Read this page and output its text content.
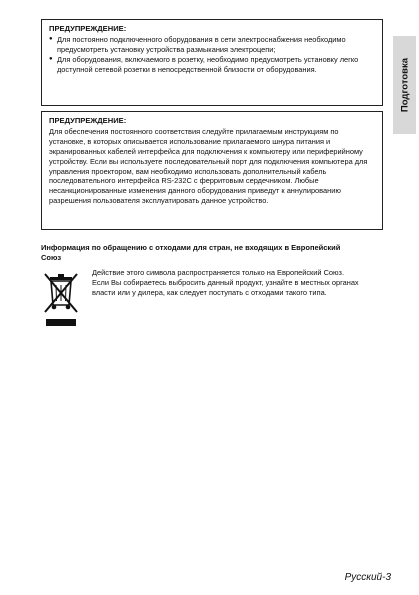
ПРЕДУПРЕЖДЕНИЕ:
● Для постоянно подключенного оборудования в сети электроснабжения необходимо предусмотреть установку устройства размыкания электроцепи;
● Для оборудования, включаемого в розетку, необходимо предусмотреть установку легко доступной сетевой розетки в непосредственной близости от оборудования.
ПРЕДУПРЕЖДЕНИЕ:
Для обеспечения постоянного соответствия следуйте прилагаемым инструкциям по установке, в которых описывается использование прилагаемого шнура питания и экранированных кабелей интерфейса для подключения к компьютеру или периферийному устройству. Если вы используете последовательный порт для подключения компьютера для управления проектором, вам необходимо использовать дополнительный кабель последовательного интерфейса RS-232C с ферритовым сердечником. Любые несанкционированные изменения данного оборудования приведут к аннулированию разрешения пользователя эксплуатировать данное устройство.
Подготовка
Информация по обращению с отходами для стран, не входящих в Европейский Союз
Действие этого символа распространяется только на Европейский Союз.
Если Вы собираетесь выбросить данный продукт, узнайте в местных органах власти или у дилера, как следует поступать с отходами такого типа.
Русский-3
